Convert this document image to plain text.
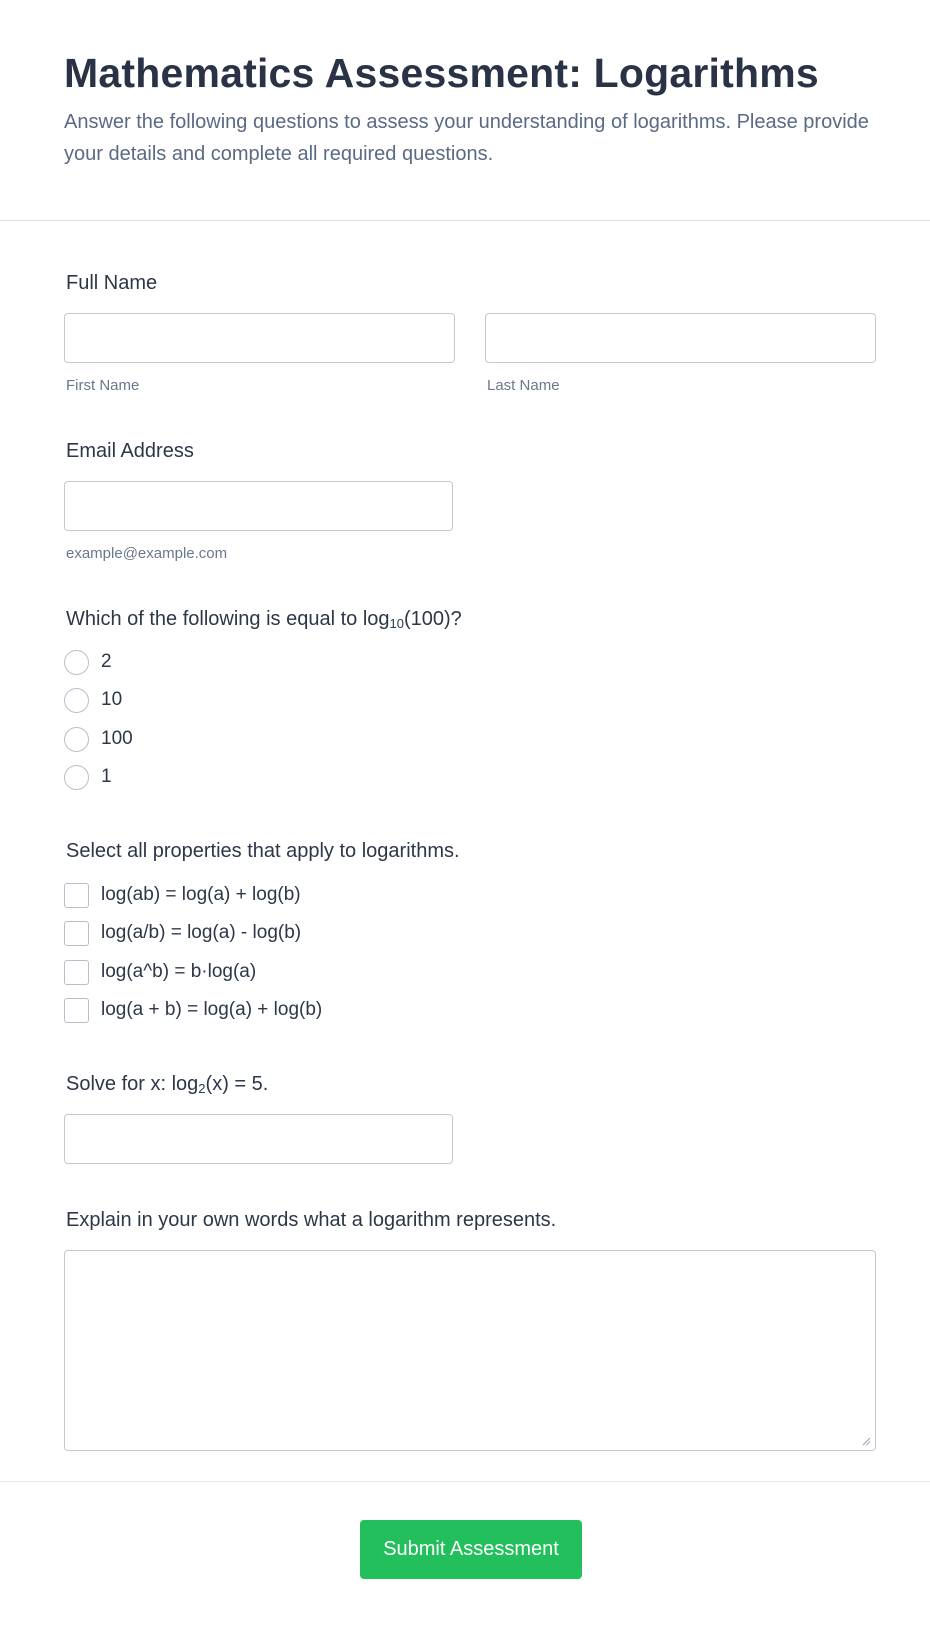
Mathematics Assessment: Logarithms

Answer the following questions to assess your understanding of logarithms. Please provide your details and complete all required questions.

Full Name
First Name	Last Name
Email Address
example@example.com
Which of the following is equal to log10(100)?
2
10
100
1
Select all properties that apply to logarithms.
log(ab) = log(a) + log(b)
log(a/b) = log(a) - log(b)
log(a^b) = b·log(a)
log(a + b) = log(a) + log(b)
Solve for x: log2(x) = 5.
Explain in your own words what a logarithm represents.
Submit Assessment
